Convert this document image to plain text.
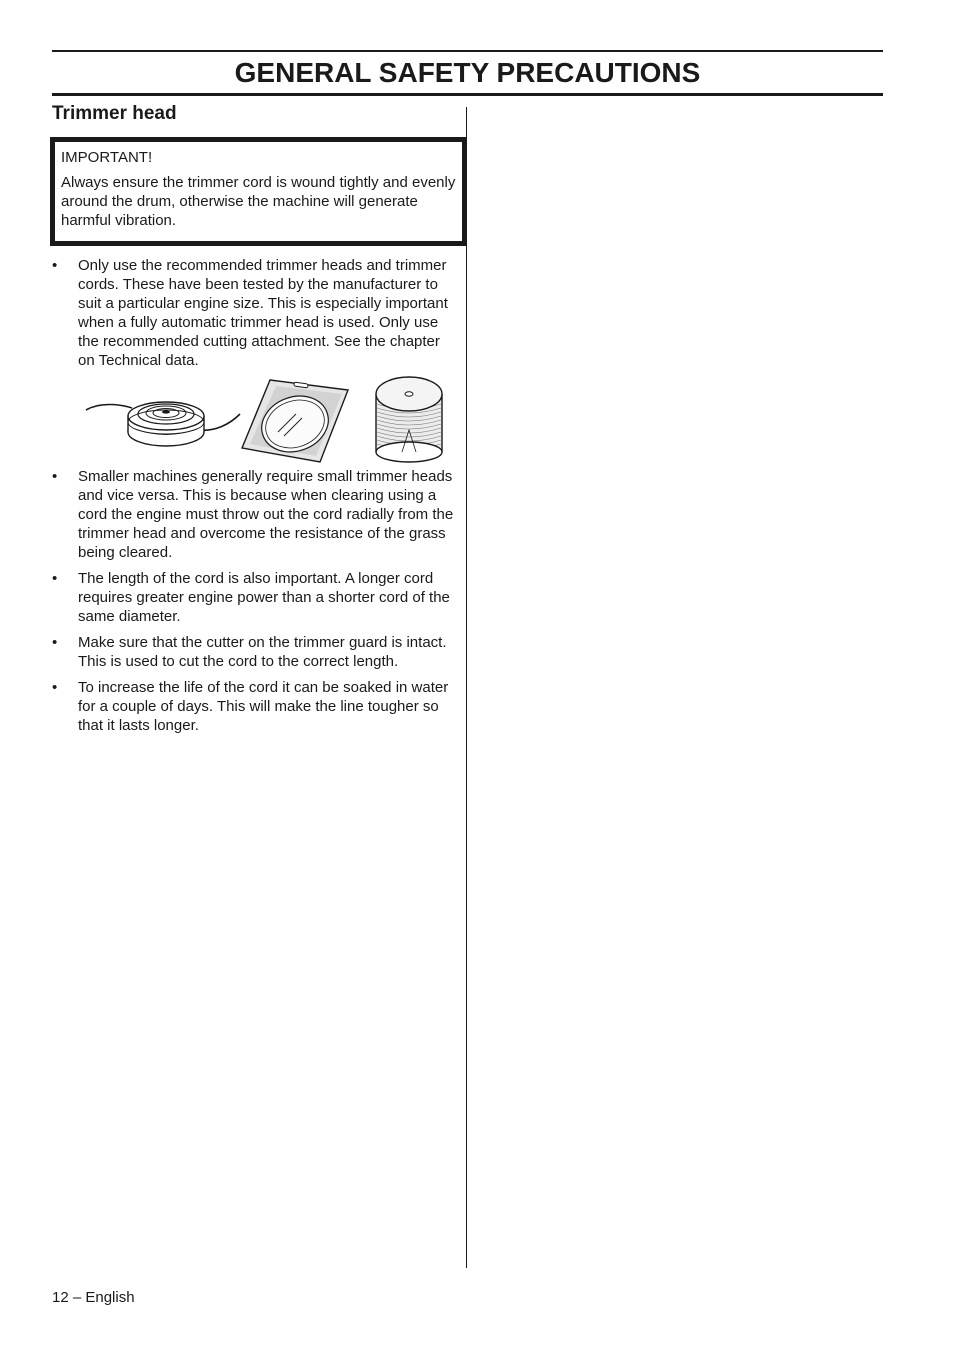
GENERAL SAFETY PRECAUTIONS
Trimmer head

IMPORTANT!

Always ensure the trimmer cord is wound tightly and evenly around the drum, otherwise the machine will generate harmful vibration.

• Only use the recommended trimmer heads and trimmer cords. These have been tested by the manufacturer to suit a particular engine size. This is especially important when a fully automatic trimmer head is used. Only use the recommended cutting attachment. See the chapter on Technical data.
• Smaller machines generally require small trimmer heads and vice versa. This is because when clearing using a cord the engine must throw out the cord radially from the trimmer head and overcome the resistance of the grass being cleared.
• The length of the cord is also important. A longer cord requires greater engine power than a shorter cord of the same diameter.
• Make sure that the cutter on the trimmer guard is intact. This is used to cut the cord to the correct length.
• To increase the life of the cord it can be soaked in water for a couple of days. This will make the line tougher so that it lasts longer.
12 – English
